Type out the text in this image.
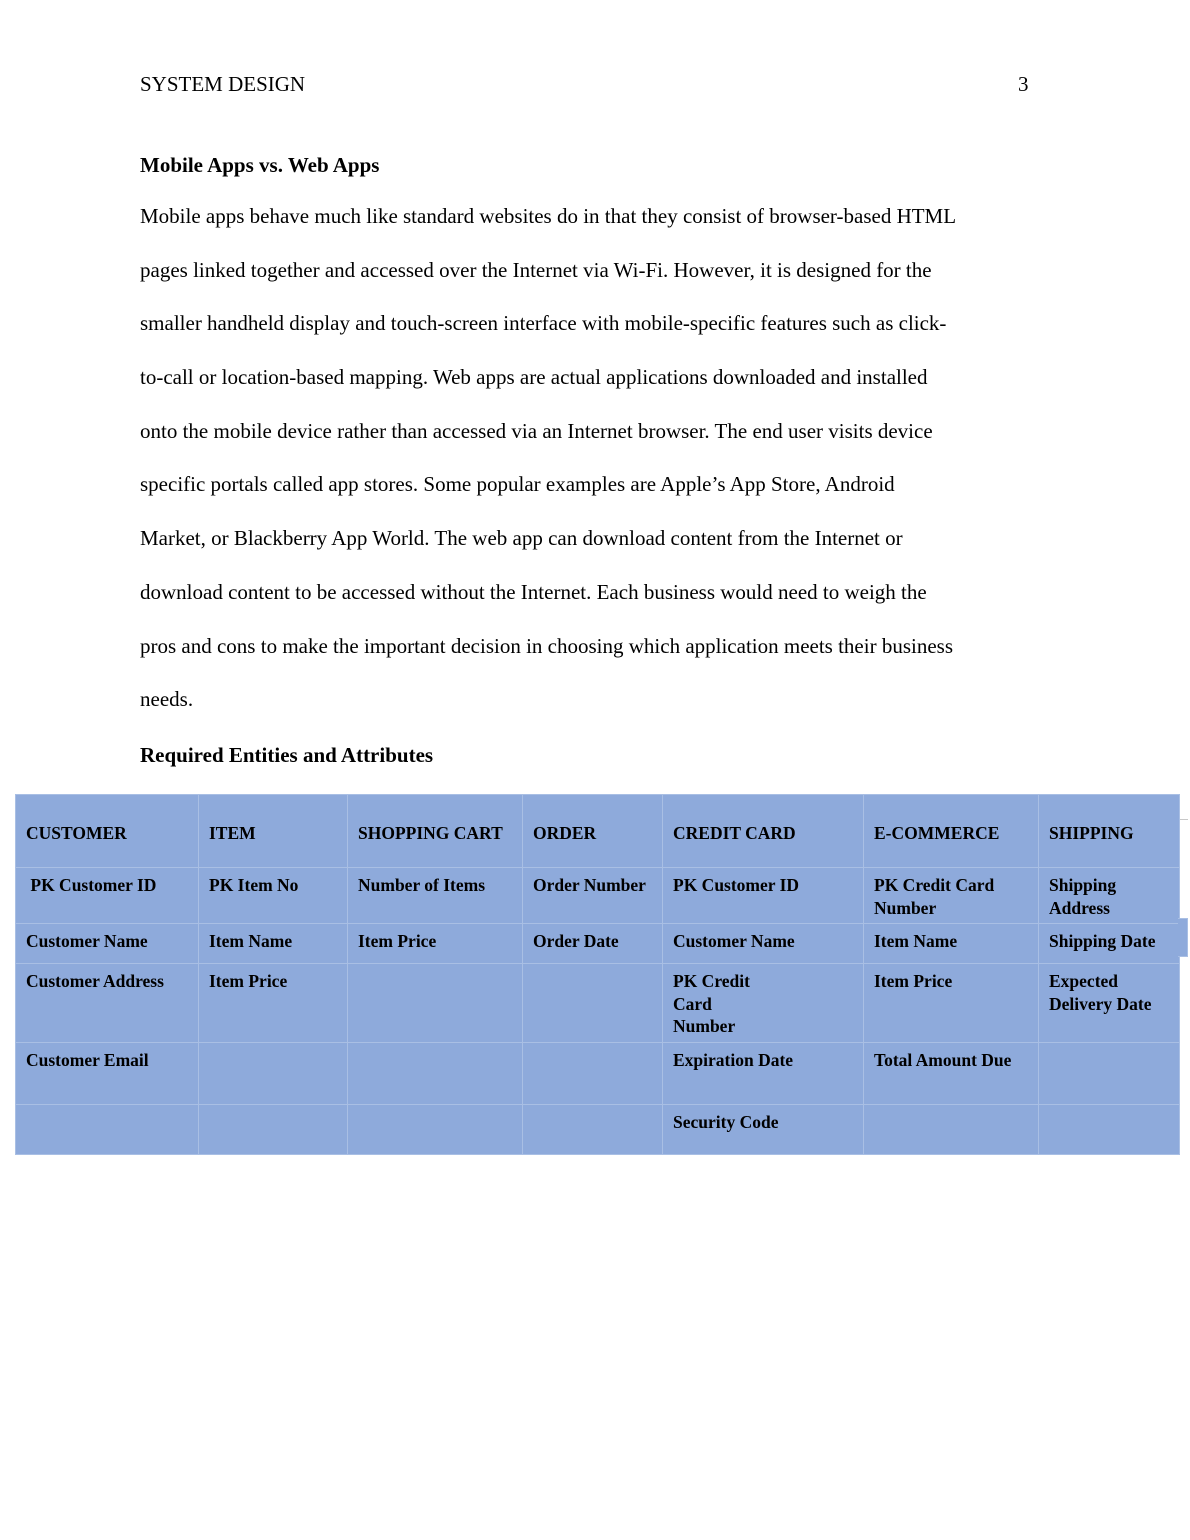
SYSTEM DESIGN	3
Mobile Apps vs. Web Apps
Mobile apps behave much like standard websites do in that they consist of browser-based HTML
pages linked together and accessed over the Internet via Wi-Fi. However, it is designed for the
smaller handheld display and touch-screen interface with mobile-specific features such as click-
to-call or location-based mapping. Web apps are actual applications downloaded and installed
onto the mobile device rather than accessed via an Internet browser. The end user visits device
specific portals called app stores. Some popular examples are Apple’s App Store, Android
Market, or Blackberry App World. The web app can download content from the Internet or
download content to be accessed without the Internet. Each business would need to weigh the
pros and cons to make the important decision in choosing which application meets their business
needs.
Required Entities and Attributes
CUSTOMER	ITEM	SHOPPING CART	ORDER	CREDIT CARD	E-COMMERCE	SHIPPING
PK Customer ID	PK Item No	Number of Items	Order Number	PK Customer ID	PK Credit Card Number	Shipping Address
Customer Name	Item Name	Item Price	Order Date	Customer Name	Item Name	Shipping Date
Customer Address	Item Price			PK Credit Card Number	Item Price	Expected Delivery Date
Customer Email				Expiration Date	Total Amount Due	
				Security Code		
